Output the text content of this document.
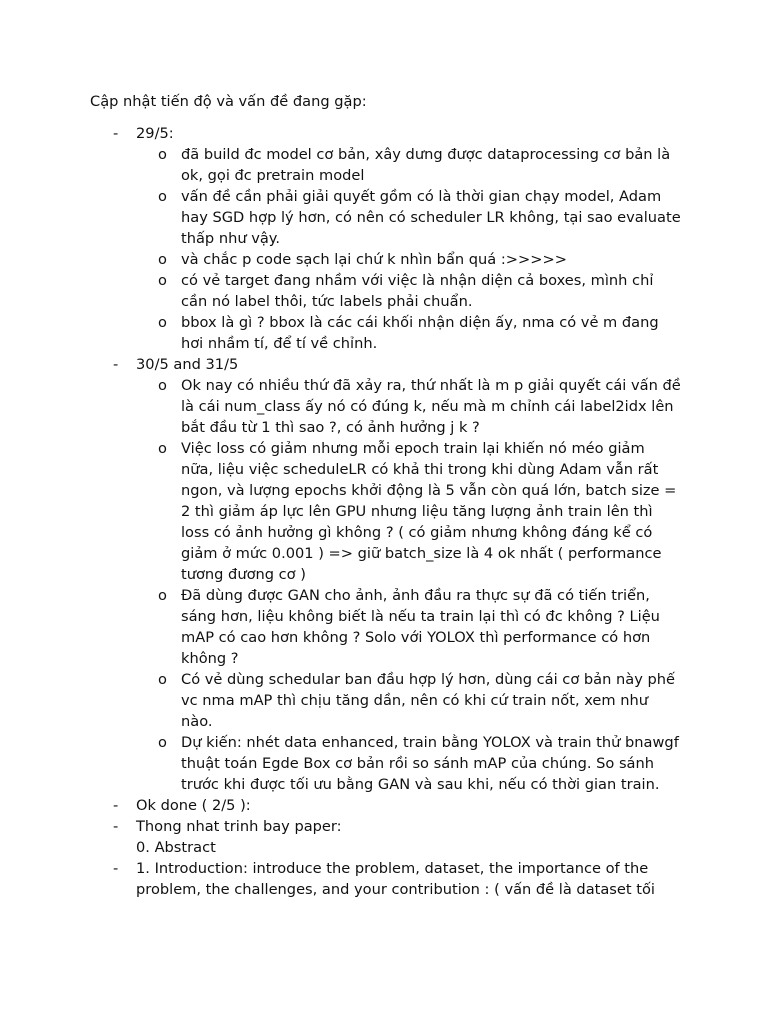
Cập nhật tiến độ và vấn đề đang gặp:
- 29/5:
o đã build đc model cơ bản, xây dưng được dataprocessing cơ bản là ok, gọi đc pretrain model
o vấn đề cần phải giải quyết gồm có là thời gian chạy model, Adam hay SGD hợp lý hơn, có nên có scheduler LR không, tại sao evaluate thấp như vậy.
o và chắc p code sạch lại chứ k nhìn bẩn quá :>>>>>
o có vẻ target đang nhầm với việc là nhận diện cả boxes, mình chỉ cần nó label thôi, tức labels phải chuẩn.
o bbox là gì ? bbox là các cái khối nhận diện ấy, nma có vẻ m đang hơi nhầm tí, để tí về chỉnh.
- 30/5 and 31/5
o Ok nay có nhiều thứ đã xảy ra, thứ nhất là m p giải quyết cái vấn đề là cái num_class ấy nó có đúng k, nếu mà m chỉnh cái label2idx lên bắt đầu từ 1 thì sao ?, có ảnh hưởng j k ?
o Việc loss có giảm nhưng mỗi epoch train lại khiến nó méo giảm nữa, liệu việc scheduleLR có khả thi trong khi dùng Adam vẫn rất ngon, và lượng epochs khởi động là 5 vẫn còn quá lớn, batch size = 2 thì giảm áp lực lên GPU nhưng liệu tăng lượng ảnh train lên thì loss có ảnh hưởng gì không ? ( có giảm nhưng không đáng kể có giảm ở mức 0.001 ) => giữ batch_size là 4 ok nhất ( performance tương đương cơ )
o Đã dùng được GAN cho ảnh, ảnh đầu ra thực sự đã có tiến triển, sáng hơn, liệu không biết là nếu ta train lại thì có đc không ? Liệu mAP có cao hơn không ? Solo với YOLOX thì performance có hơn không ?
o Có vẻ dùng schedular ban đầu hợp lý hơn, dùng cái cơ bản này phế vc nma mAP thì chịu tăng dần, nên có khi cứ train nốt, xem như nào.
o Dự kiến: nhét data enhanced, train bằng YOLOX và train thử bnawgf thuật toán Egde Box cơ bản rồi so sánh mAP của chúng. So sánh trước khi được tối ưu bằng GAN và sau khi, nếu có thời gian train.
- Ok done ( 2/5 ):
- Thong nhat trinh bay paper:
0. Abstract
- 1. Introduction: introduce the problem, dataset, the importance of the problem, the challenges, and your contribution : ( vấn đề là dataset tối
